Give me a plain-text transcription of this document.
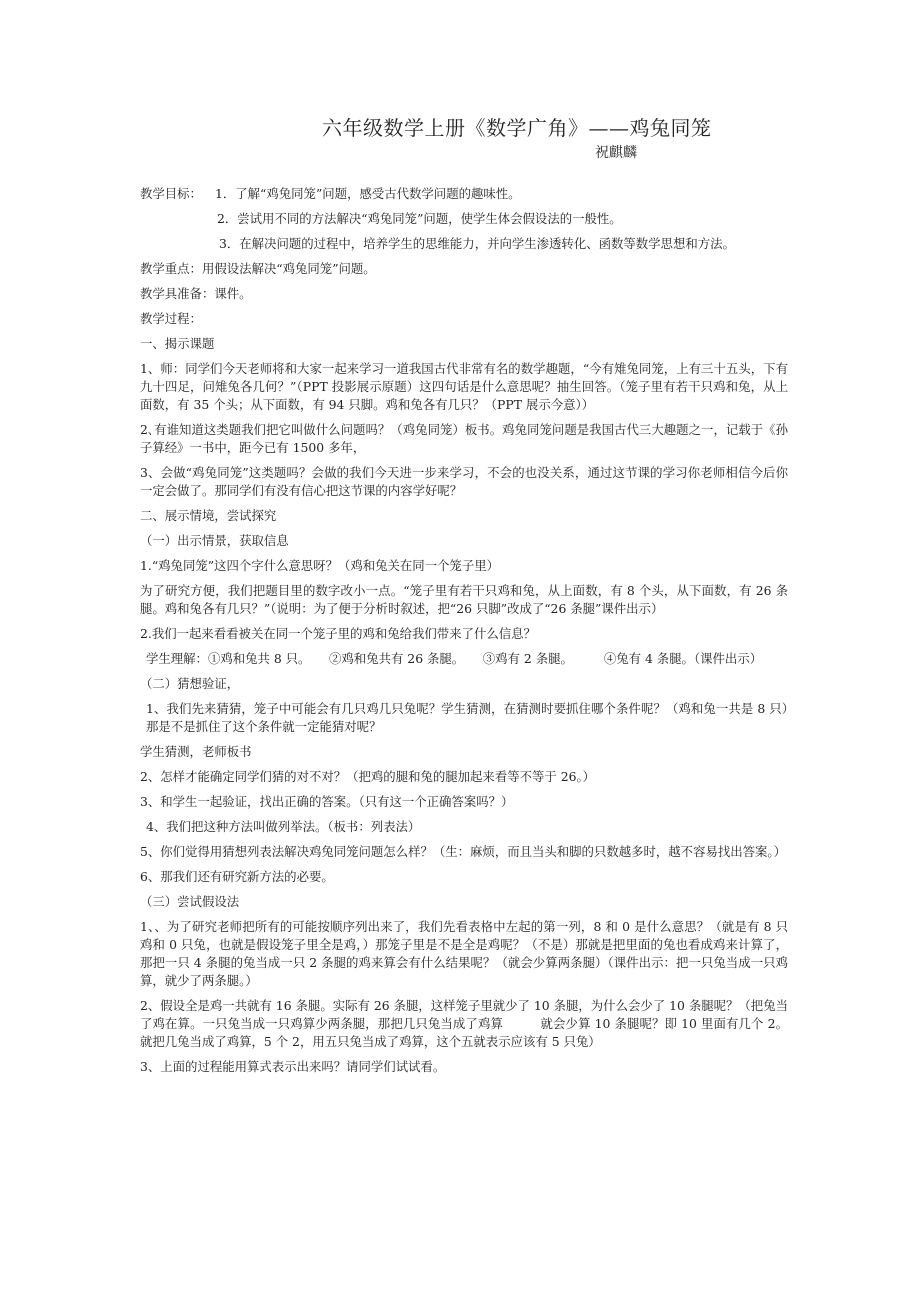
六年级数学上册《数学广角》——鸡兔同笼
祝麒麟
教学目标： 1．了解“鸡兔同笼”问题，感受古代数学问题的趣味性。
2．尝试用不同的方法解决“鸡兔同笼”问题，使学生体会假设法的一般性。
3．在解决问题的过程中，培养学生的思维能力，并向学生渗透转化、函数等数学思想和方法。

教学重点：用假设法解决“鸡兔同笼”问题。

教学具准备：课件。

教学过程：

一、揭示课题

1、师：同学们今天老师将和大家一起来学习一道我国古代非常有名的数学趣题，“今有雉兔同笼，上有三十五头，下有九十四足，问雉兔各几何？”（PPT 投影展示原题）这四句话是什么意思呢？抽生回答。（笼子里有若干只鸡和兔，从上面数，有 35 个头；从下面数，有 94 只脚。鸡和兔各有几只？（PPT 展示今意））

2､有谁知道这类题我们把它叫做什么问题吗？（鸡兔同笼）板书。鸡兔同笼问题是我国古代三大趣题之一，记载于《孙子算经》一书中，距今已有 1500 多年，

3、会做“鸡兔同笼”这类题吗？会做的我们今天进一步来学习，不会的也没关系，通过这节课的学习你老师相信今后你一定会做了。那同学们有没有信心把这节课的内容学好呢？

二、展示情境，尝试探究

（一）出示情景，获取信息

1.“鸡兔同笼”这四个字什么意思呀？（鸡和兔关在同一个笼子里）

为了研究方便，我们把题目里的数字改小一点。“笼子里有若干只鸡和兔，从上面数，有 8 个头，从下面数，有 26 条腿。鸡和兔各有几只？”（说明：为了便于分析时叙述，把“26 只脚”改成了“26 条腿”课件出示）

2.我们一起来看看被关在同一个笼子里的鸡和兔给我们带来了什么信息？

学生理解：①鸡和兔共 8 只。　　②鸡和兔共有 26 条腿。　　③鸡有 2 条腿。　　　④兔有 4 条腿。（课件出示）

（二）猜想验证，

1、我们先来猜猜，笼子中可能会有几只鸡几只兔呢？学生猜测，在猜测时要抓住哪个条件呢？（鸡和兔一共是 8 只）那是不是抓住了这个条件就一定能猜对呢？

学生猜测，老师板书

2、怎样才能确定同学们猜的对不对？（把鸡的腿和兔的腿加起来看等不等于 26。）

3、和学生一起验证，找出正确的答案。（只有这一个正确答案吗？）

4、我们把这种方法叫做列举法。（板书：列表法）

5、你们觉得用猜想列表法解决鸡兔同笼问题怎么样？（生：麻烦，而且当头和脚的只数越多时，越不容易找出答案。）

6、那我们还有研究新方法的必要。

（三）尝试假设法

1、、为了研究老师把所有的可能按顺序列出来了，我们先看表格中左起的第一列，8 和 0 是什么意思？（就是有 8 只鸡和 0 只兔，也就是假设笼子里全是鸡，）那笼子里是不是全是鸡呢？（不是）那就是把里面的兔也看成鸡来计算了，那把一只 4 条腿的兔当成一只 2 条腿的鸡来算会有什么结果呢？（就会少算两条腿）（课件出示：把一只兔当成一只鸡算，就少了两条腿。）

2、假设全是鸡一共就有 16 条腿。实际有 26 条腿，这样笼子里就少了 10 条腿，为什么会少了 10 条腿呢？（把兔当了鸡在算。一只兔当成一只鸡算少两条腿，那把几只兔当成了鸡算　　　就会少算 10 条腿呢？即 10 里面有几个 2。就把几兔当成了鸡算，5 个 2，用五只兔当成了鸡算，这个五就表示应该有 5 只兔）

3、上面的过程能用算式表示出来吗？请同学们试试看。
